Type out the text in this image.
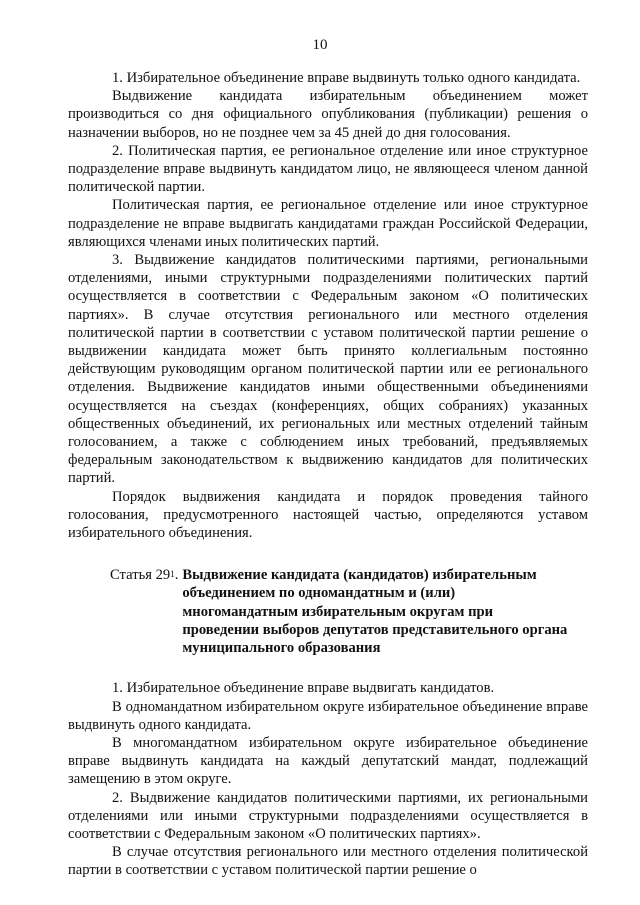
10

1. Избирательное объединение вправе выдвинуть только одного кандидата.

Выдвижение кандидата избирательным объединением может производиться со дня официального опубликования (публикации) решения о назначении выборов, но не позднее чем за 45 дней до дня голосования.

2. Политическая партия, ее региональное отделение или иное структурное подразделение вправе выдвинуть кандидатом лицо, не являющееся членом данной политической партии.

Политическая партия, ее региональное отделение или иное структурное подразделение не вправе выдвигать кандидатами граждан Российской Федерации, являющихся членами иных политических партий.

3. Выдвижение кандидатов политическими партиями, региональными отделениями, иными структурными подразделениями политических партий осуществляется в соответствии с Федеральным законом «О политических партиях». В случае отсутствия регионального или местного отделения политической партии в соответствии с уставом политической партии решение о выдвижении кандидата может быть принято коллегиальным постоянно действующим руководящим органом политической партии или ее регионального отделения. Выдвижение кандидатов иными общественными объединениями осуществляется на съездах (конференциях, общих собраниях) указанных общественных объединений, их региональных или местных отделений тайным голосованием, а также с соблюдением иных требований, предъявляемых федеральным законодательством к выдвижению кандидатов для политических партий.

Порядок выдвижения кандидата и порядок проведения тайного голосования, предусмотренного настоящей частью, определяются уставом избирательного объединения.

Статья $29^1$. Выдвижение кандидата (кандидатов) избирательным объединением по одномандатным и (или) многомандатным избирательным округам при проведении выборов депутатов представительного органа муниципального образования

1. Избирательное объединение вправе выдвигать кандидатов.

В одномандатном избирательном округе избирательное объединение вправе выдвинуть одного кандидата.

В многомандатном избирательном округе избирательное объединение вправе выдвинуть кандидата на каждый депутатский мандат, подлежащий замещению в этом округе.

2. Выдвижение кандидатов политическими партиями, их региональными отделениями или иными структурными подразделениями осуществляется в соответствии с Федеральным законом «О политических партиях».

В случае отсутствия регионального или местного отделения политической партии в соответствии с уставом политической партии решение о
